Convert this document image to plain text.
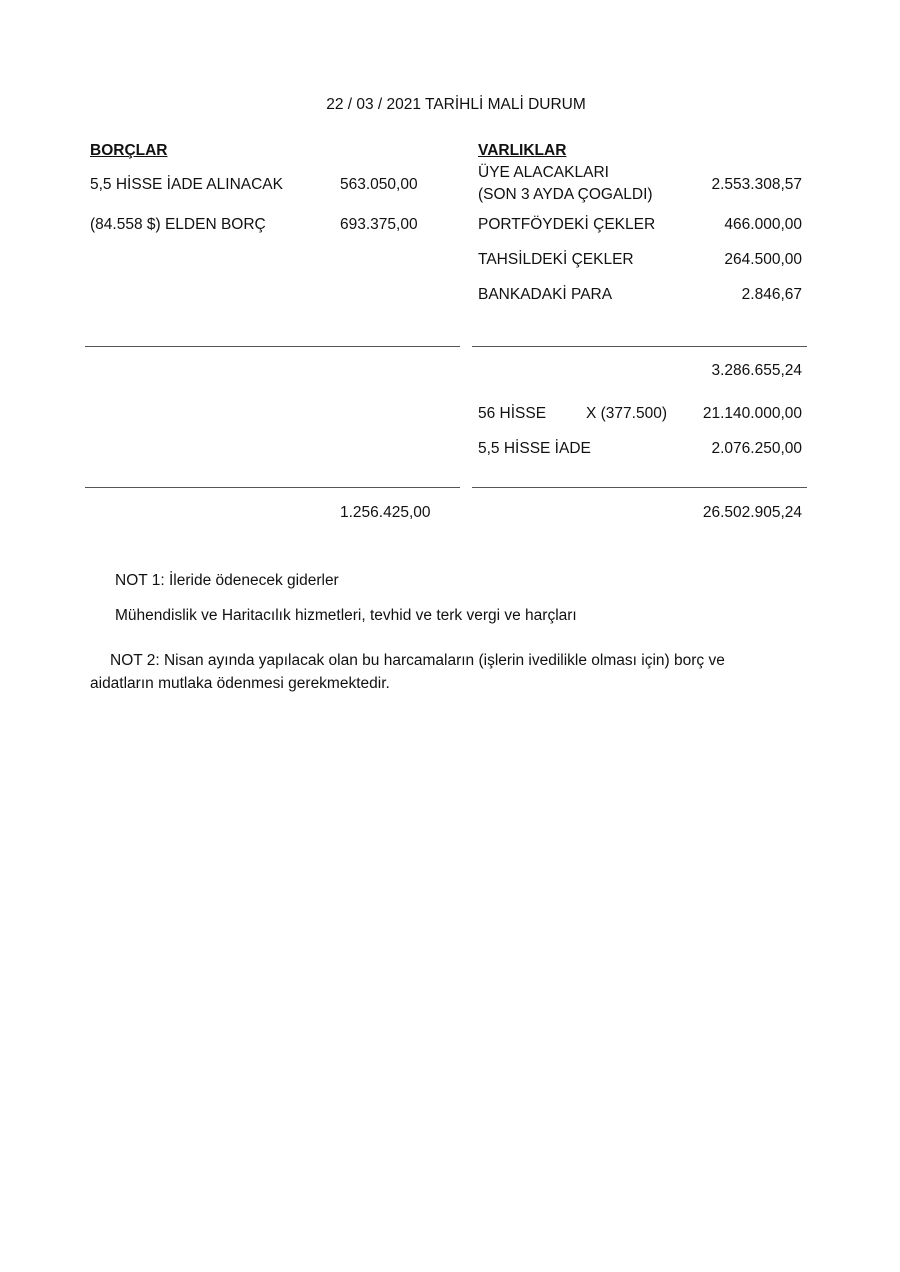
22 / 03 / 2021 TARİHLİ MALİ DURUM
BORÇLAR
5,5 HİSSE İADE ALINACAK	563.050,00
(84.558 $) ELDEN BORÇ	693.375,00
VARLIKLAR
ÜYE ALACAKLARI
(SON 3 AYDA ÇOGALDI)
2.553.308,57
PORTFÖYDEKİ ÇEKLER	466.000,00
TAHSİLDEKİ ÇEKLER	264.500,00
BANKADAKİ PARA	2.846,67
3.286.655,24
56 HİSSE	X (377.500) 21.140.000,00
5,5 HİSSE İADE	2.076.250,00
1.256.425,00	26.502.905,24
NOT 1: İleride ödenecek giderler
Mühendislik ve Haritacılık hizmetleri, tevhid ve terk vergi ve harçları
NOT 2: Nisan ayında yapılacak olan bu harcamaların (işlerin ivedilikle olması için) borç ve
aidatların mutlaka ödenmesi gerekmektedir.
